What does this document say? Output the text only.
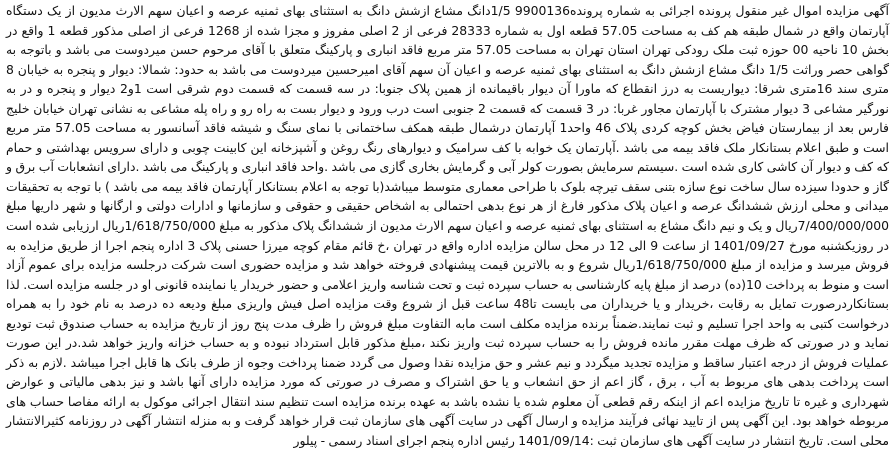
آگهی مزایده اموال غیر منقول پرونده اجرائی به شماره پرونده9900136 1/5دانگ مشاع ازشش دانگ به استثنای بهای ثمنیه عرصه و اعیان سهم الارث مدیون از یک دستگاه آپارتمان واقع در شمال طبقه هم کف به مساحت 57.05 قطعه اول به شماره 28333 فرعی از 2 اصلی مفروز و مجزا شده از 1268 فرعی از اصلی مذکور قطعه 1 واقع در بخش 10 ناحیه 00 حوزه ثبت ملک رودکی تهران استان تهران به مساحت 57.05 متر مربع فاقد انباری و پارکینگ متعلق با آقای مرحوم حسن میردوست می باشد و باتوجه به گواهی حصر وراثت 1/5 دانگ مشاع ازشش دانگ به استثنای بهای ثمنیه عرصه و اعیان آن سهم آقای امیرحسین میردوست می باشد به حدود: شمالا: دیوار و پنجره به خیابان 8 متری سند 16متری شرقا: دیواریست به درز انقطاع که ماورا آن دیوار باقیمانده از همین پلاک جنوبا: در سه قسمت که قسمت دوم شرقی است 1و2 دیوار و پنجره و در به نورگیر مشاعی 3 دیوار مشترک با آپارتمان مجاور غربا: در 3 قسمت که قسمت 2 جنوبی است درب ورود و دیوار بست به راه رو و راه پله مشاعی به نشانی تهران خیابان خلیج فارس بعد از بیمارستان فیاض بخش کوچه کردی پلاک 46 واحد1 آپارتمان درشمال طبقه همکف ساختمانی با نمای سنگ و شیشه فاقد آسانسور به مساحت 57.05 متر مربع است و طبق اعلام بستانکار ملک فاقد بیمه می باشد .آپارتمان یک خوابه با کف سرامیک و دیوارهای رنگ روغن و آشپزخانه این کابینت چوبی و دارای سرویس بهداشتی و حمام که کف و دیوار آن کاشی کاری شده است .سیستم سرمایش بصورت کولر آبی و گرمایش بخاری گازی می باشد .واحد فاقد انباری و پارکینگ می باشد .دارای انشعابات آب برق و گاز و حدودا سیزده سال ساخت نوع سازه بتنی سقف تیرچه بلوک با طراحی معماری متوسط میباشد(با توجه به اعلام بستانکار آپارتمان فاقد بیمه می باشد ) با توجه به تحقیقات میدانی و محلی ارزش ششدانگ عرصه و اعیان پلاک مذکور فارغ از هر نوع بدهی احتمالی به اشخاص حقیقی و حقوقی و سازمانها و ادارات دولتی و ارگانها و شهر داریها مبلغ 7/400/000/000ریال و یک و نیم دانگ مشاع به استثنای بهای ثمنیه عرصه و اعیان سهم الارث مدیون از ششدانگ پلاک مذکور به مبلغ 1/618/750/000ریال ارزیابی شده است در روزیکشنبه مورخ 1401/09/27 از ساعت 9 الی 12 در محل سالن مزایده اداره واقع در تهران ،خ قائم مقام کوچه میرزا حسنی پلاک 3 اداره پنجم اجرا از طریق مزایده به فروش میرسد و مزایده از مبلغ 1/618/750/000ریال شروع و به بالاترین قیمت پیشنهادی فروخته خواهد شد و مزایده حضوری است شرکت درجلسه مزایده برای عموم آزاد است و منوط به پرداخت 10(ده) درصد از مبلغ پایه کارشناسی به حساب سپرده ثبت و تحت شناسه واریز اعلامی و حضور خریدار یا نماینده قانونی او در جلسه مزایده است. لذا بستانکاردرصورت تمایل به رقابت ،خریدار و یا خریداران می بایست تا48 ساعت قبل از شروع وقت مزایده اصل فیش واریزی مبلغ ودیعه ده درصد به نام خود را به همراه درخواست کتبی به واحد اجرا تسلیم و ثبت نمایند.ضمناً برنده مزایده مکلف است مابه التفاوت مبلغ فروش را ظرف مدت پنج روز از تاریخ مزایده به حساب صندوق ثبت تودیع نماید و در صورتی که ظرف مهلت مقرر مانده فروش را به حساب سپرده ثبت واریز نکند ،مبلغ مذکور قابل استرداد نبوده و به حساب خزانه واریز خواهد شد.در این صورت عملیات فروش از درجه اعتبار ساقط و مزایده تجدید میگردد و نیم عشر و حق مزایده نقدا وصول می گردد ضمنا پرداخت وجوه از طرف بانک ها قابل اجرا میباشد .لازم به ذکر است پرداخت بدهی های مربوط به آب ، برق ، گاز اعم از حق انشعاب و یا حق اشتراک و مصرف در صورتی که مورد مزایده دارای آنها باشد و نیز بدهی مالیاتی و عوارض شهرداری و غیره تا تاریخ مزایده اعم از اینکه رقم قطعی آن معلوم شده یا نشده باشد به عهده برنده مزایده است تنظیم سند انتقال اجرائی موکول به ارائه مفاصا حساب های مربوطه خواهد بود. این آگهی پس از تایید نهائی فرآیند مزایده و ارسال آگهی در سایت آگهی های سازمان ثبت قرار خواهد گرفت و به منزله انتشار آگهی در روزنامه کثیرالانتشار محلی است. تاریخ انتشار در سایت آگهی های سازمان ثبت :1401/09/14 رئیس اداره پنجم اجرای اسناد رسمی - پیلور
